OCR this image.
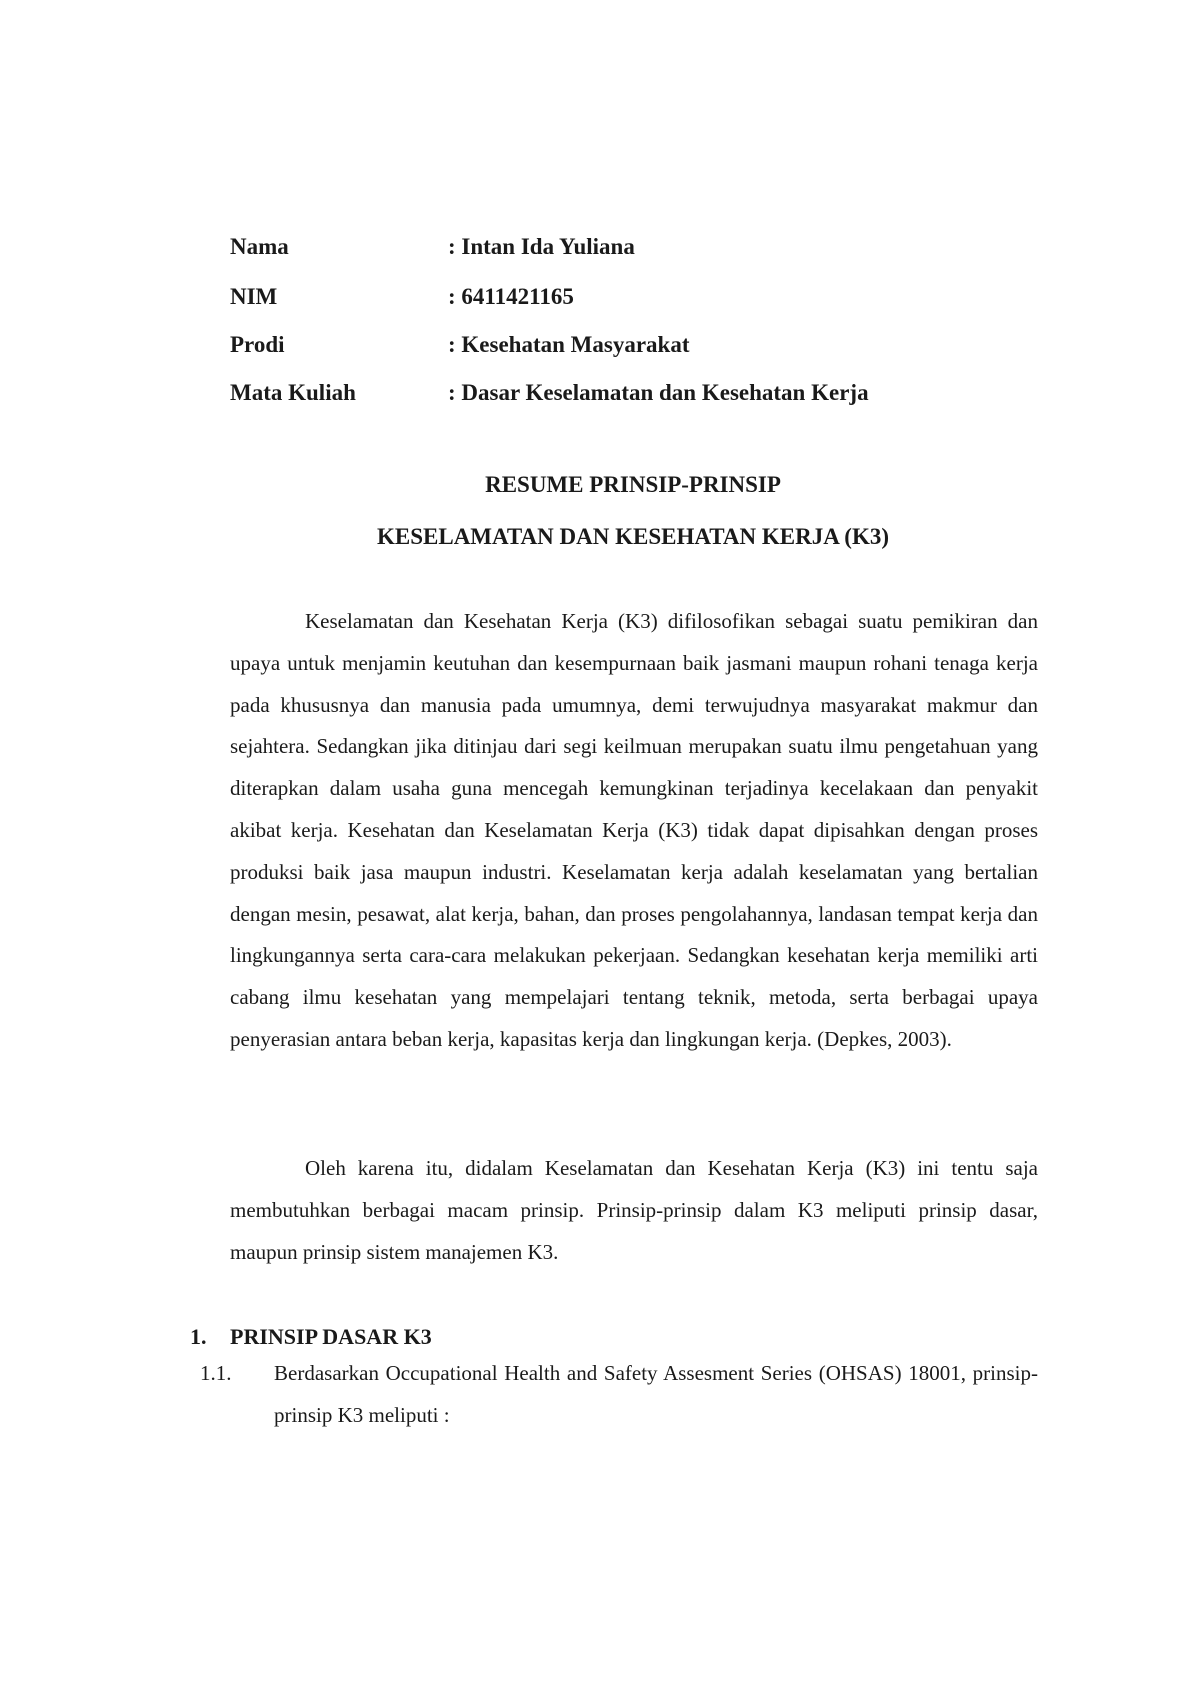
Nama	: Intan Ida Yuliana
NIM	: 6411421165
Prodi	: Kesehatan Masyarakat
Mata Kuliah	: Dasar Keselamatan dan Kesehatan Kerja
RESUME PRINSIP-PRINSIP
KESELAMATAN DAN KESEHATAN KERJA (K3)

Keselamatan dan Kesehatan Kerja (K3) difilosofikan sebagai suatu pemikiran dan upaya untuk menjamin keutuhan dan kesempurnaan baik jasmani maupun rohani tenaga kerja pada khususnya dan manusia pada umumnya, demi terwujudnya masyarakat makmur dan sejahtera. Sedangkan jika ditinjau dari segi keilmuan merupakan suatu ilmu pengetahuan yang diterapkan dalam usaha guna mencegah kemungkinan terjadinya kecelakaan dan penyakit akibat kerja. Kesehatan dan Keselamatan Kerja (K3) tidak dapat dipisahkan dengan proses produksi baik jasa maupun industri. Keselamatan kerja adalah keselamatan yang bertalian dengan mesin, pesawat, alat kerja, bahan, dan proses pengolahannya, landasan tempat kerja dan lingkungannya serta cara-cara melakukan pekerjaan. Sedangkan kesehatan kerja memiliki arti cabang ilmu kesehatan yang mempelajari tentang teknik, metoda, serta berbagai upaya penyerasian antara beban kerja, kapasitas kerja dan lingkungan kerja. (Depkes, 2003).

Oleh karena itu, didalam Keselamatan dan Kesehatan Kerja (K3) ini tentu saja membutuhkan berbagai macam prinsip. Prinsip-prinsip dalam K3 meliputi prinsip dasar, maupun prinsip sistem manajemen K3.

1. PRINSIP DASAR K3
1.1. Berdasarkan Occupational Health and Safety Assesment Series (OHSAS) 18001, prinsip-prinsip K3 meliputi :
